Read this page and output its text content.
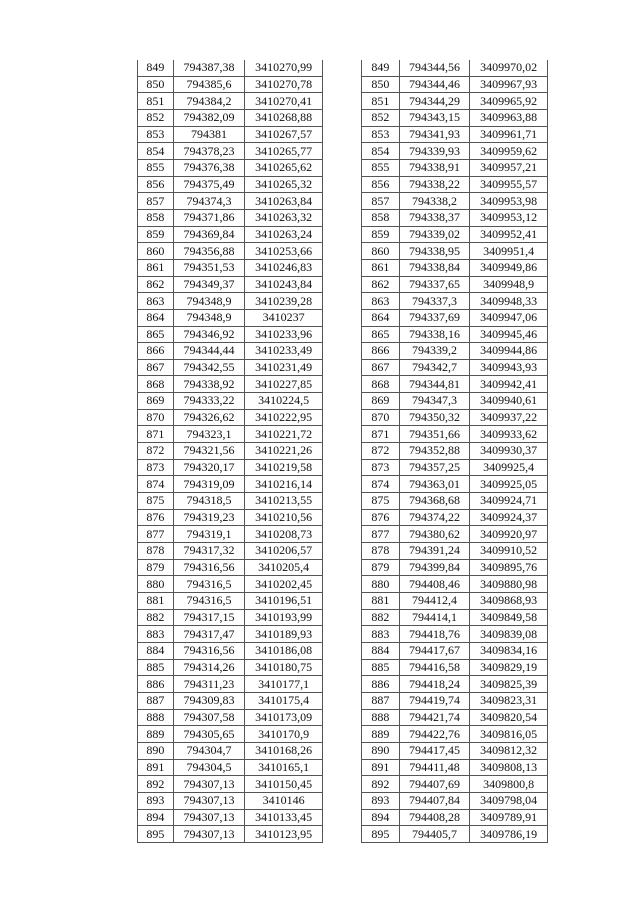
849	794387,38	3410270,99
850	794385,6	3410270,78
851	794384,2	3410270,41
852	794382,09	3410268,88
853	794381	3410267,57
854	794378,23	3410265,77
855	794376,38	3410265,62
856	794375,49	3410265,32
857	794374,3	3410263,84
858	794371,86	3410263,32
859	794369,84	3410263,24
860	794356,88	3410253,66
861	794351,53	3410246,83
862	794349,37	3410243,84
863	794348,9	3410239,28
864	794348,9	3410237
865	794346,92	3410233,96
866	794344,44	3410233,49
867	794342,55	3410231,49
868	794338,92	3410227,85
869	794333,22	3410224,5
870	794326,62	3410222,95
871	794323,1	3410221,72
872	794321,56	3410221,26
873	794320,17	3410219,58
874	794319,09	3410216,14
875	794318,5	3410213,55
876	794319,23	3410210,56
877	794319,1	3410208,73
878	794317,32	3410206,57
879	794316,56	3410205,4
880	794316,5	3410202,45
881	794316,5	3410196,51
882	794317,15	3410193,99
883	794317,47	3410189,93
884	794316,56	3410186,08
885	794314,26	3410180,75
886	794311,23	3410177,1
887	794309,83	3410175,4
888	794307,58	3410173,09
889	794305,65	3410170,9
890	794304,7	3410168,26
891	794304,5	3410165,1
892	794307,13	3410150,45
893	794307,13	3410146
894	794307,13	3410133,45
895	794307,13	3410123,95
849	794344,56	3409970,02
850	794344,46	3409967,93
851	794344,29	3409965,92
852	794343,15	3409963,88
853	794341,93	3409961,71
854	794339,93	3409959,62
855	794338,91	3409957,21
856	794338,22	3409955,57
857	794338,2	3409953,98
858	794338,37	3409953,12
859	794339,02	3409952,41
860	794338,95	3409951,4
861	794338,84	3409949,86
862	794337,65	3409948,9
863	794337,3	3409948,33
864	794337,69	3409947,06
865	794338,16	3409945,46
866	794339,2	3409944,86
867	794342,7	3409943,93
868	794344,81	3409942,41
869	794347,3	3409940,61
870	794350,32	3409937,22
871	794351,66	3409933,62
872	794352,88	3409930,37
873	794357,25	3409925,4
874	794363,01	3409925,05
875	794368,68	3409924,71
876	794374,22	3409924,37
877	794380,62	3409920,97
878	794391,24	3409910,52
879	794399,84	3409895,76
880	794408,46	3409880,98
881	794412,4	3409868,93
882	794414,1	3409849,58
883	794418,76	3409839,08
884	794417,67	3409834,16
885	794416,58	3409829,19
886	794418,24	3409825,39
887	794419,74	3409823,31
888	794421,74	3409820,54
889	794422,76	3409816,05
890	794417,45	3409812,32
891	794411,48	3409808,13
892	794407,69	3409800,8
893	794407,84	3409798,04
894	794408,28	3409789,91
895	794405,7	3409786,19
